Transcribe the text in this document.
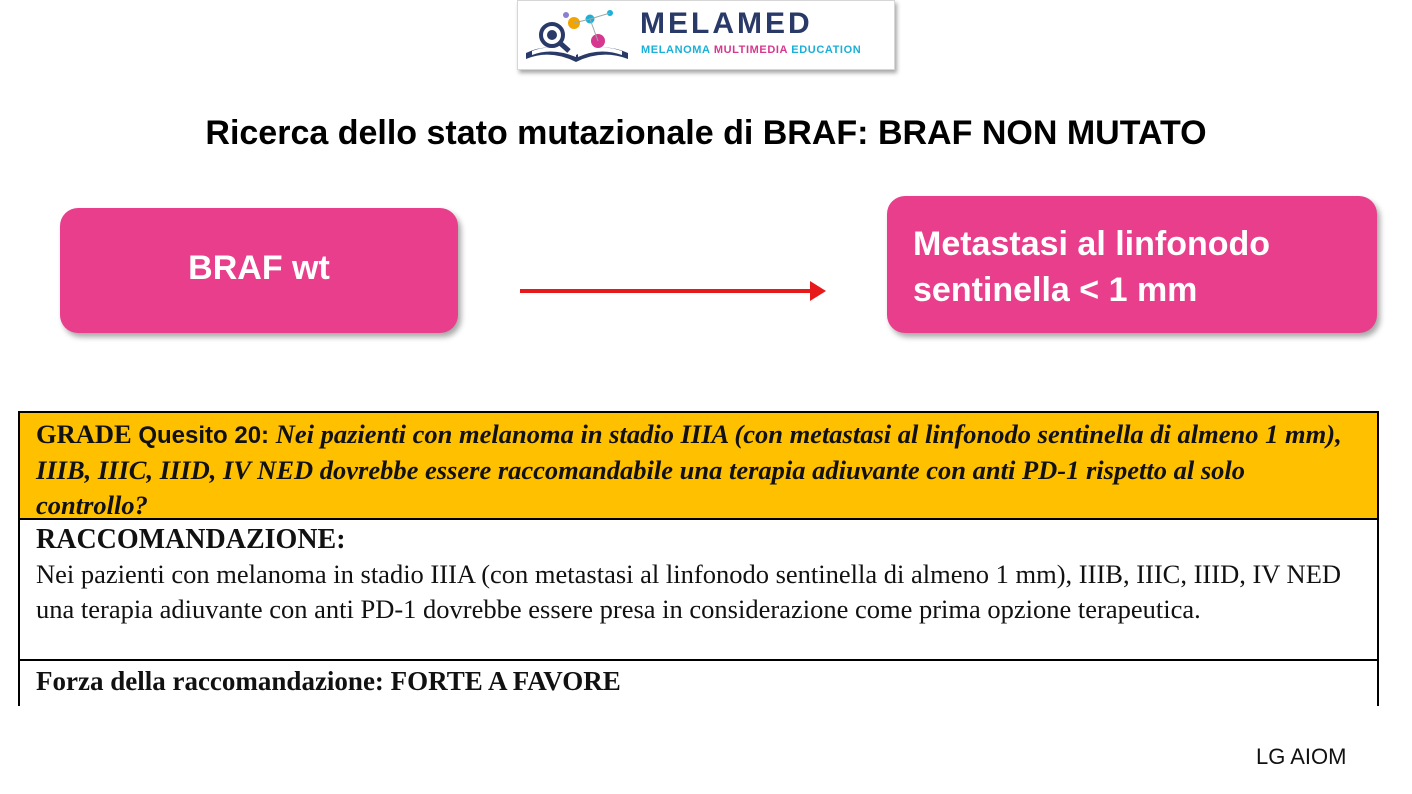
MELAMED
MELANOMA MULTIMEDIA EDUCATION
Ricerca dello stato mutazionale di BRAF: BRAF NON MUTATO
BRAF wt
Metastasi al linfonodo
sentinella < 1 mm
GRADE Quesito 20: Nei pazienti con melanoma in stadio IIIA (con metastasi al linfonodo sentinella di almeno 1 mm), IIIB, IIIC, IIID, IV NED dovrebbe essere raccomandabile una terapia adiuvante con anti PD-1 rispetto al solo controllo?
RACCOMANDAZIONE:
Nei pazienti con melanoma in stadio IIIA (con metastasi al linfonodo sentinella di almeno 1 mm), IIIB, IIIC, IIID, IV NED una terapia adiuvante con anti PD-1 dovrebbe essere presa in considerazione come prima opzione terapeutica.
Forza della raccomandazione: FORTE A FAVORE
LG AIOM
